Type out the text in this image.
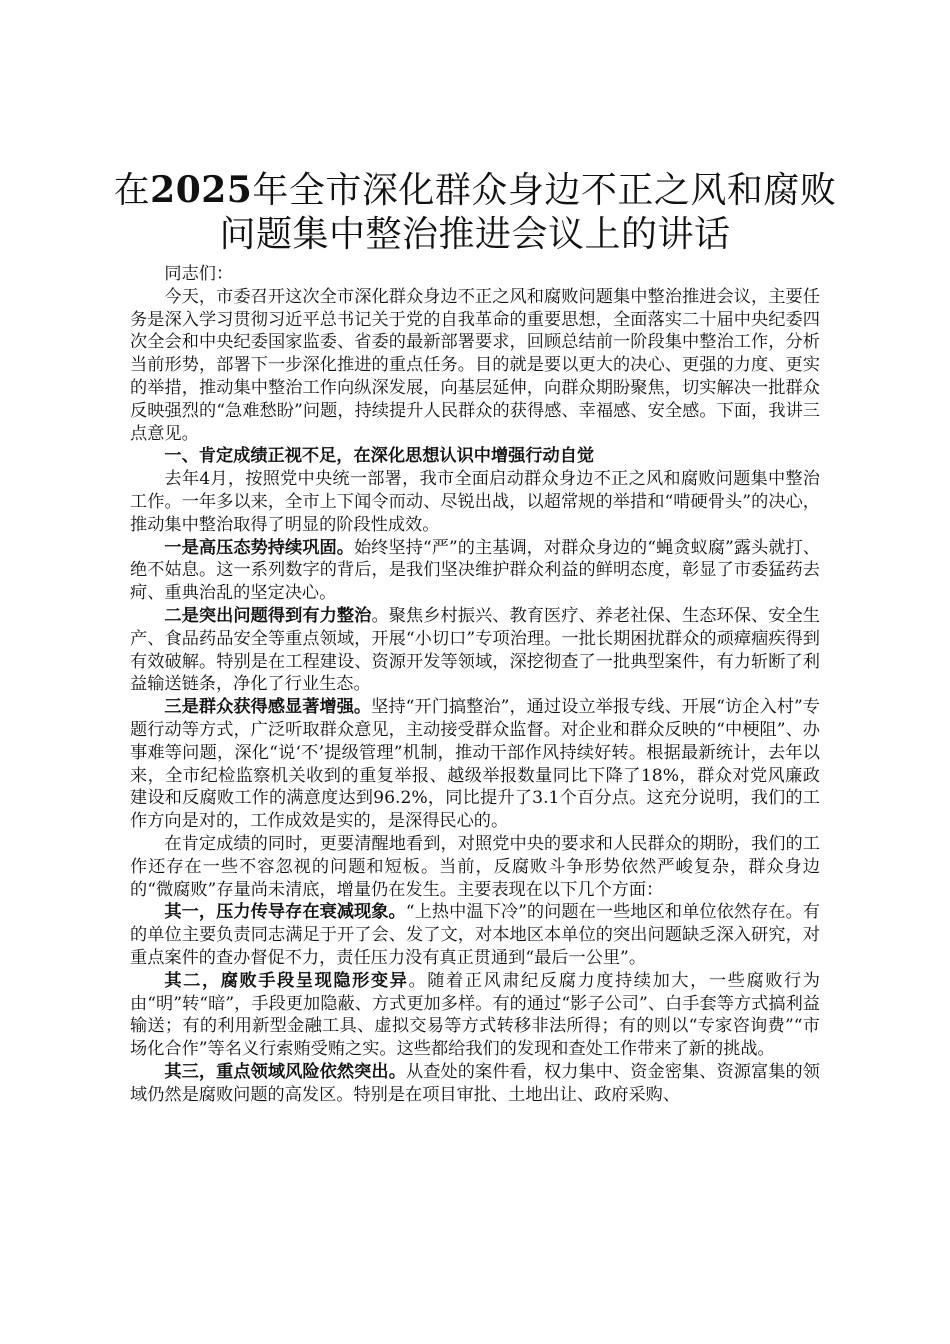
在2025年全市深化群众身边不正之风和腐败
问题集中整治推进会议上的讲话

同志们：

今天，市委召开这次全市深化群众身边不正之风和腐败问题集中整治推进会议，主要任务是深入学习贯彻习近平总书记关于党的自我革命的重要思想，全面落实二十届中央纪委四次全会和中央纪委国家监委、省委的最新部署要求，回顾总结前一阶段集中整治工作，分析当前形势，部署下一步深化推进的重点任务。目的就是要以更大的决心、更强的力度、更实的举措，推动集中整治工作向纵深发展，向基层延伸，向群众期盼聚焦，切实解决一批群众反映强烈的“急难愁盼”问题，持续提升人民群众的获得感、幸福感、安全感。下面，我讲三点意见。

一、肯定成绩正视不足，在深化思想认识中增强行动自觉

去年4月，按照党中央统一部署，我市全面启动群众身边不正之风和腐败问题集中整治工作。一年多以来，全市上下闻令而动、尽锐出战，以超常规的举措和“啃硬骨头”的决心，推动集中整治取得了明显的阶段性成效。

一是高压态势持续巩固。始终坚持“严”的主基调，对群众身边的“蝇贪蚁腐”露头就打、绝不姑息。这一系列数字的背后，是我们坚决维护群众利益的鲜明态度，彰显了市委猛药去疴、重典治乱的坚定决心。

二是突出问题得到有力整治。聚焦乡村振兴、教育医疗、养老社保、生态环保、安全生产、食品药品安全等重点领域，开展“小切口”专项治理。一批长期困扰群众的顽瘴痼疾得到有效破解。特别是在工程建设、资源开发等领域，深挖彻查了一批典型案件，有力斩断了利益输送链条，净化了行业生态。

三是群众获得感显著增强。坚持“开门搞整治”，通过设立举报专线、开展“访企入村”专题行动等方式，广泛听取群众意见，主动接受群众监督。对企业和群众反映的“中梗阻”、办事难等问题，深化“说‘不’提级管理”机制，推动干部作风持续好转。根据最新统计，去年以来，全市纪检监察机关收到的重复举报、越级举报数量同比下降了18%，群众对党风廉政建设和反腐败工作的满意度达到96.2%，同比提升了3.1个百分点。这充分说明，我们的工作方向是对的，工作成效是实的，是深得民心的。

在肯定成绩的同时，更要清醒地看到，对照党中央的要求和人民群众的期盼，我们的工作还存在一些不容忽视的问题和短板。当前，反腐败斗争形势依然严峻复杂，群众身边的“微腐败”存量尚未清底，增量仍在发生。主要表现在以下几个方面：

其一，压力传导存在衰减现象。“上热中温下冷”的问题在一些地区和单位依然存在。有的单位主要负责同志满足于开了会、发了文，对本地区本单位的突出问题缺乏深入研究，对重点案件的查办督促不力，责任压力没有真正贯通到“最后一公里”。

其二，腐败手段呈现隐形变异。随着正风肃纪反腐力度持续加大，一些腐败行为由“明”转“暗”，手段更加隐蔽、方式更加多样。有的通过“影子公司”、白手套等方式搞利益输送；有的利用新型金融工具、虚拟交易等方式转移非法所得；有的则以“专家咨询费”“市场化合作”等名义行索贿受贿之实。这些都给我们的发现和查处工作带来了新的挑战。

其三，重点领域风险依然突出。从查处的案件看，权力集中、资金密集、资源富集的领域仍然是腐败问题的高发区。特别是在项目审批、土地出让、政府采购、
